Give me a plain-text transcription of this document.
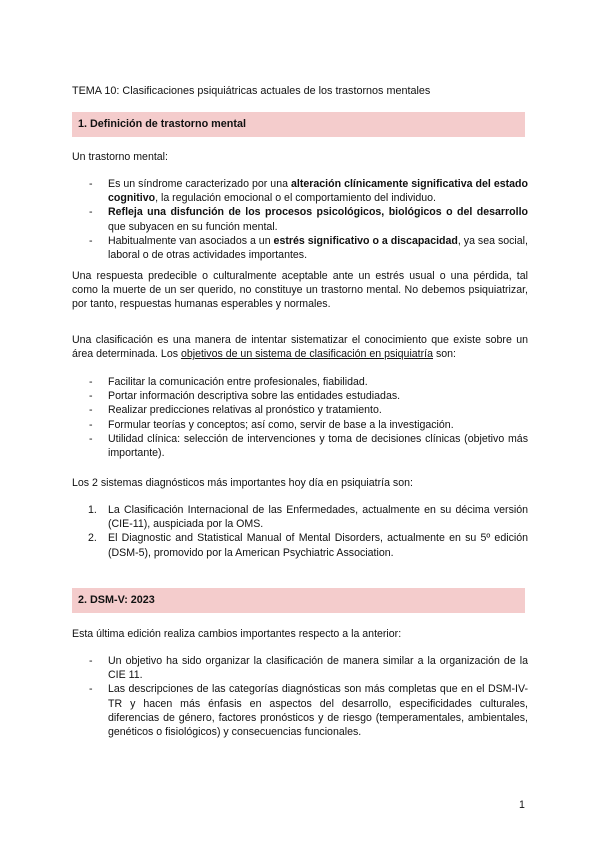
TEMA 10: Clasificaciones psiquiátricas actuales de los trastornos mentales
1. Definición de trastorno mental
Un trastorno mental:
- Es un síndrome caracterizado por una alteración clínicamente significativa del estado cognitivo, la regulación emocional o el comportamiento del individuo.
- Refleja una disfunción de los procesos psicológicos, biológicos o del desarrollo que subyacen en su función mental.
- Habitualmente van asociados a un estrés significativo o a discapacidad, ya sea social, laboral o de otras actividades importantes.
Una respuesta predecible o culturalmente aceptable ante un estrés usual o una pérdida, tal como la muerte de un ser querido, no constituye un trastorno mental. No debemos psiquiatrizar, por tanto, respuestas humanas esperables y normales.
Una clasificación es una manera de intentar sistematizar el conocimiento que existe sobre un área determinada. Los objetivos de un sistema de clasificación en psiquiatría son:
- Facilitar la comunicación entre profesionales, fiabilidad.
- Portar información descriptiva sobre las entidades estudiadas.
- Realizar predicciones relativas al pronóstico y tratamiento.
- Formular teorías y conceptos; así como, servir de base a la investigación.
- Utilidad clínica: selección de intervenciones y toma de decisiones clínicas (objetivo más importante).
Los 2 sistemas diagnósticos más importantes hoy día en psiquiatría son:
1. La Clasificación Internacional de las Enfermedades, actualmente en su décima versión (CIE-11), auspiciada por la OMS.
2. El Diagnostic and Statistical Manual of Mental Disorders, actualmente en su 5º edición (DSM-5), promovido por la American Psychiatric Association.
2. DSM-V: 2023
Esta última edición realiza cambios importantes respecto a la anterior:
- Un objetivo ha sido organizar la clasificación de manera similar a la organización de la CIE 11.
- Las descripciones de las categorías diagnósticas son más completas que en el DSM-IV-TR y hacen más énfasis en aspectos del desarrollo, especificidades culturales, diferencias de género, factores pronósticos y de riesgo (temperamentales, ambientales, genéticos o fisiológicos) y consecuencias funcionales.
1
